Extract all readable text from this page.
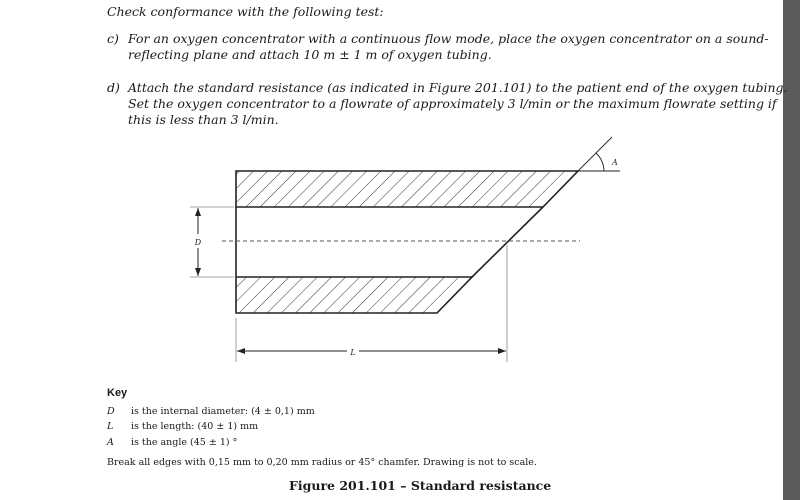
Check conformance with the following test:
c) For an oxygen concentrator with a continuous flow mode, place the oxygen concentrator on a sound-
reflecting plane and attach 10 m ± 1 m of oxygen tubing.
d) Attach the standard resistance (as indicated in Figure 201.101) to the patient end of the oxygen tubing.
Set the oxygen concentrator to a flowrate of approximately 3 l/min or the maximum flowrate setting if
this is less than 3 l/min.
D
L
A
Key
D is the internal diameter: (4 ± 0,1) mm
L is the length: (40 ± 1) mm
A is the angle (45 ± 1) °
Break all edges with 0,15 mm to 0,20 mm radius or 45° chamfer. Drawing is not to scale.
Figure 201.101 – Standard resistance
